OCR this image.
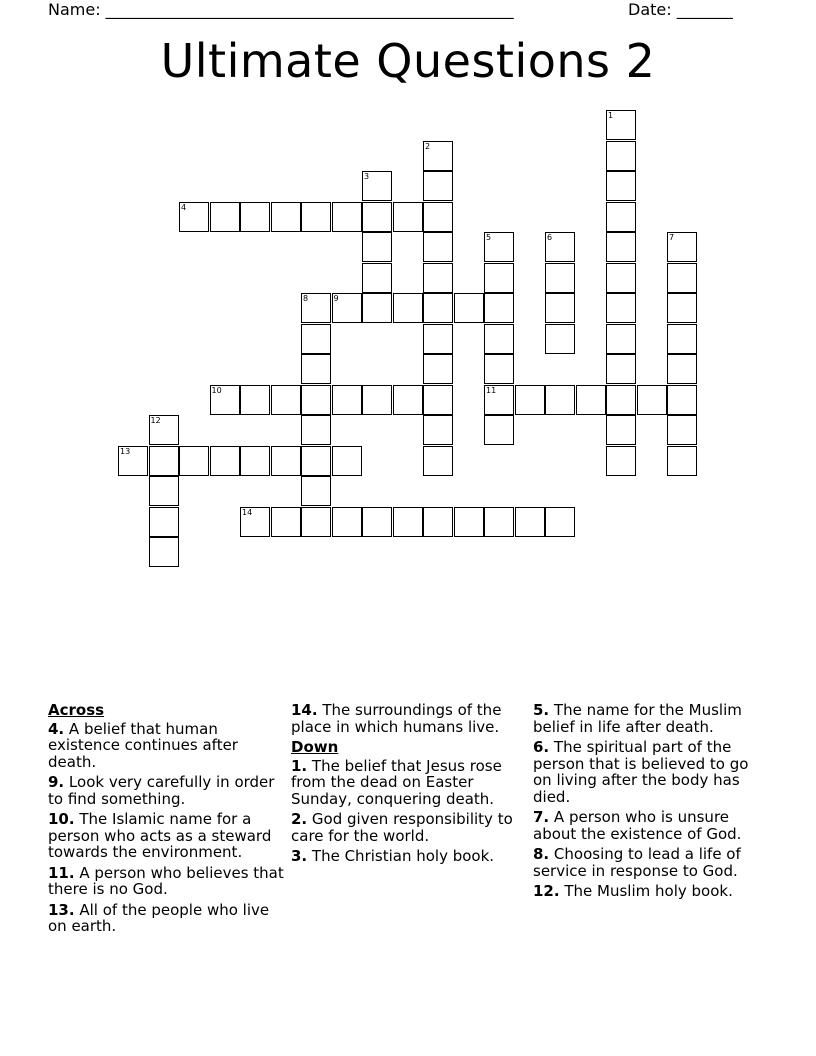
Name: ___________________________________________________	Date: _______
Ultimate Questions 2
1
2
3
4
5
11
6	7
8	9
10
12
13
14
Across
4. A belief that human existence continues after death.
9. Look very carefully in order to find something.
10. The Islamic name for a person who acts as a steward towards the environment.
11. A person who believes that there is no God.
13. All of the people who live on earth.
14. The surroundings of the place in which humans live.
Down
1. The belief that Jesus rose from the dead on Easter Sunday, conquering death.
2. God given responsibility to care for the world.
3. The Christian holy book.
5. The name for the Muslim belief in life after death.
6. The spiritual part of the person that is believed to go on living after the body has died.
7. A person who is unsure about the existence of God.
8. Choosing to lead a life of service in response to God.
12. The Muslim holy book.
